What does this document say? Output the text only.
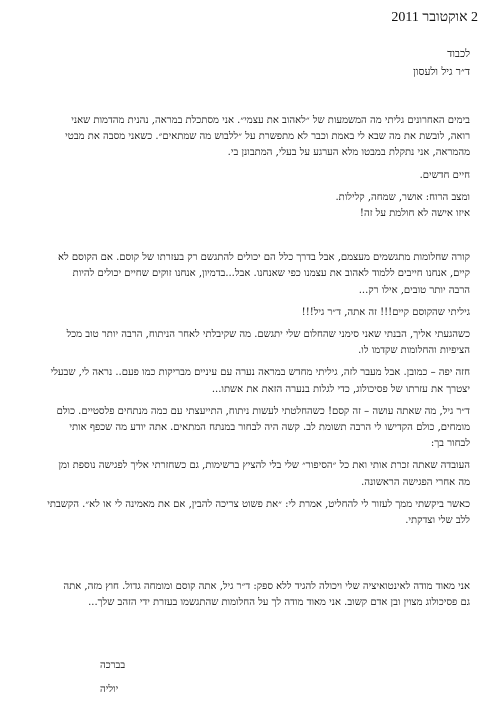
2 אוקטובר 2011
לכבוד
ד״ר גיל ולעסון
בימים האחרונים גליתי מה המשמעות של ״לאהוב את עצמי״. אני מסתכלת במראה, נהנית מהדמות שאני
רואה, לובשת את מה שבא לי באמת וכבר לא מתפשרת על ״ללבוש מה שמתאים״. כשאני מסבה את מבטי
מהמראה, אני נתקלת במבטו מלא הערגע על בעלי, המתבונן בי.
חיים חדשים.
ומצב הרוח: אושר, שמחה, קלילות.
איזו אישה לא חולמת על זה!
קורה שחלומות מתגשמים מעצמם, אבל בדרך כלל הם יכולים להתגשם רק בעזרתו של קוסם. אם הקוסם לא
קיים, אנחנו חייבים ללמוד לאהוב את עצמנו כפי שאנחנו. אבל...בדמיון, אנחנו זוקים שחיים יכולים להיות
הרבה יותר טובים, אילו רק...
גיליתי שהקוסם קיים!!! זה אתה, ד״ר גיל!!!
כשהגעתי אליך, הבנתי שאני סימני שהחלום שלי יתגשם. מה שקיבלתי לאחר הניתוח, הרבה יותר טוב מכל
הציפיות והחלומות שקדמו לו.
חזה יפה – כמובן. אבל מעבר לזה, גיליתי מחדש במראה נערה עם עיניים מבריקות כמו פעם.. נראה לי, שבעלי
יצטרך את עזרתו של פסיכולוג, כדי לגלות בנערה הזאת את אשתו...
ד״ר גיל, מה שאתה עושה – זה קסם! כשהחלטתי לעשות ניתוח, התייעצתי עם כמה מנתחים פלסטיים. כולם
מומחים, כולם הקדישו לי הרבה תשומת לב. קשה היה לבחור במנתח המתאים. אתה יודע מה שכפף אותי
לבחור בך:
העובדה שאתה זכרת אותי ואת כל ״הסיפור״ שלי בלי להציץ ברשימות, גם כשחזרתי אליך לפגישה נוספת ומן
מה אחרי הפגישה הראשונה.
כאשר ביקשתי ממך לעזור לי להחליט, אמרת לי: ״את פשוט צריכה להבין, אם את מאמינה לי או לא״. הקשבתי
ללב שלי וצדקתי.
אני מאוד מודה לאינטואיציה שלי ויכולה להגיד ללא ספק: ד״ר גיל, אתה קוסם ומומחה גדול. חוץ מזה, אתה
גם פסיכולוג מצוין ובן אדם קשוב. אני מאוד מודה לך על החלומות שהתגשמו בעזרת ידי הזהב שלך...
בברכה
יוליה
